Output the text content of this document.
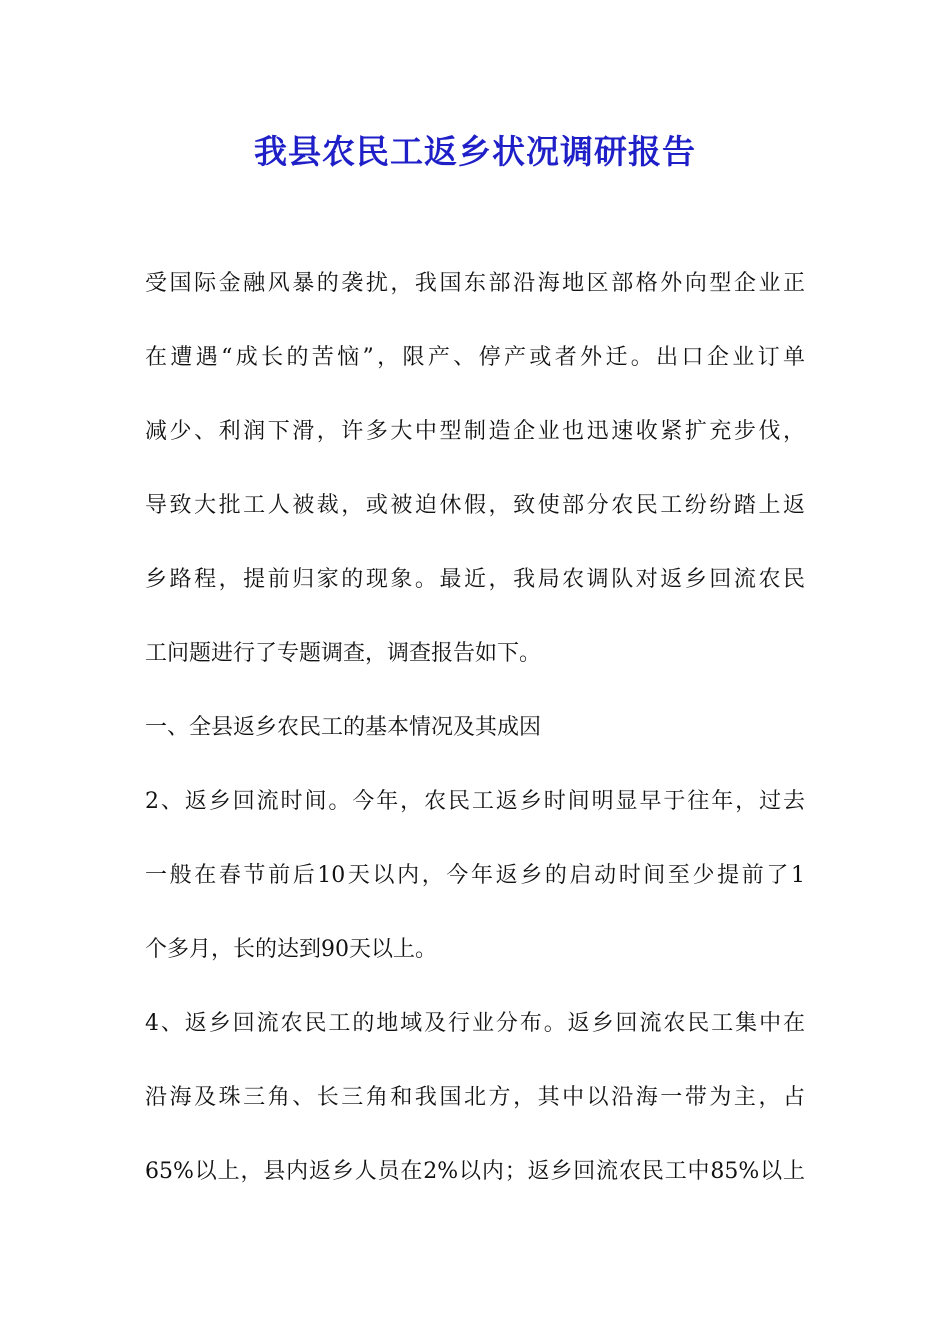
我县农民工返乡状况调研报告
受国际金融风暴的袭扰，我国东部沿海地区部格外向型企业正
在遭遇“成长的苦恼”，限产、停产或者外迁。出口企业订单
减少、利润下滑，许多大中型制造企业也迅速收紧扩充步伐，
导致大批工人被裁，或被迫休假，致使部分农民工纷纷踏上返
乡路程，提前归家的现象。最近，我局农调队对返乡回流农民
工问题进行了专题调查，调查报告如下。
一、全县返乡农民工的基本情况及其成因
2、返乡回流时间。今年，农民工返乡时间明显早于往年，过去
一般在春节前后10天以内，今年返乡的启动时间至少提前了1
个多月，长的达到90天以上。
4、返乡回流农民工的地域及行业分布。返乡回流农民工集中在
沿海及珠三角、长三角和我国北方，其中以沿海一带为主，占
65%以上，县内返乡人员在2%以内；返乡回流农民工中85%以上
